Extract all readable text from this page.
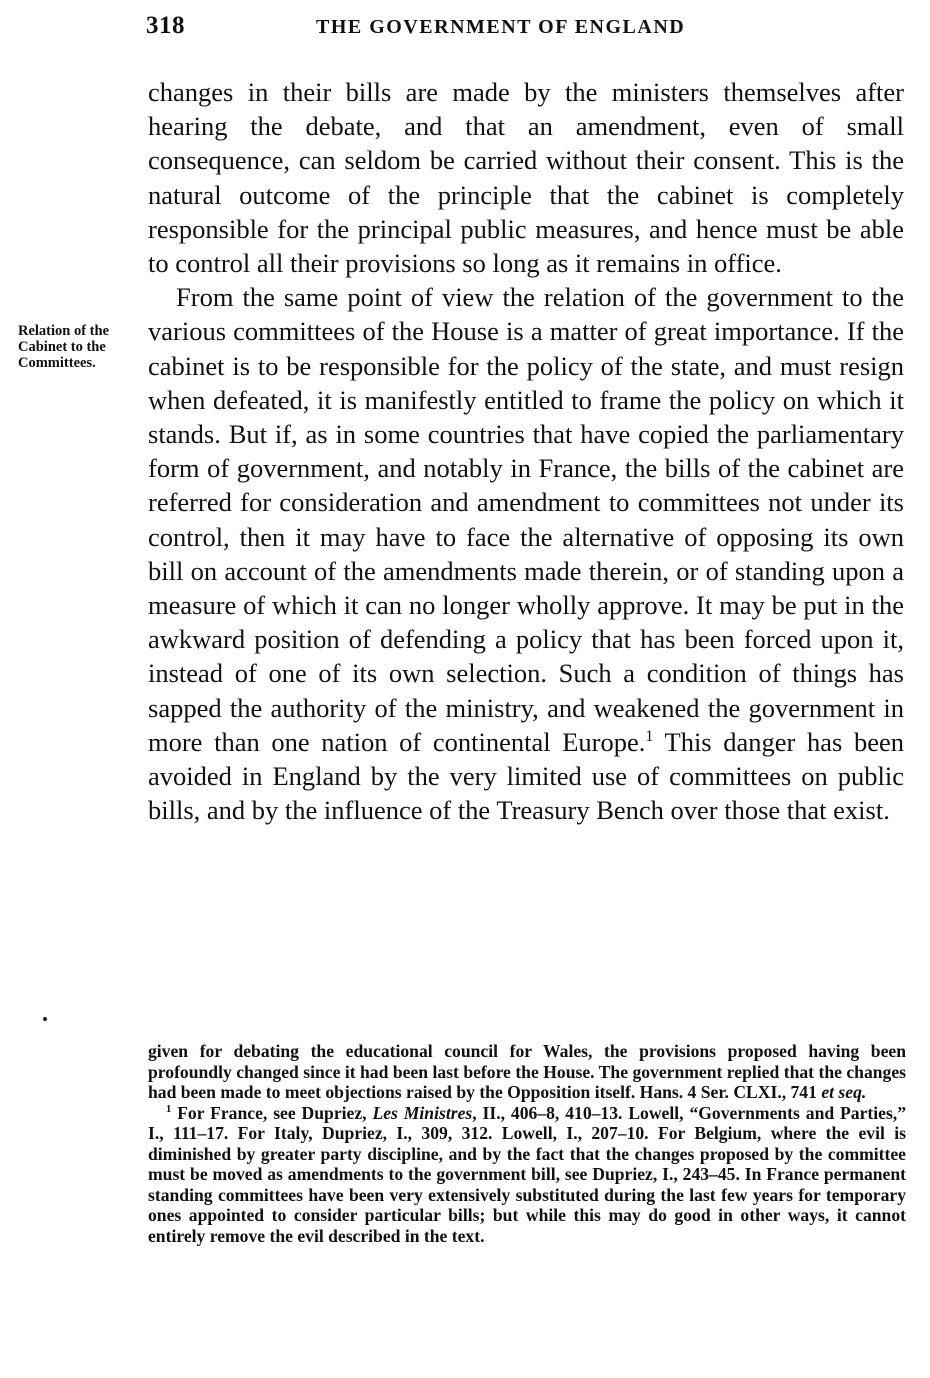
318	THE GOVERNMENT OF ENGLAND
Relation of the Cabinet to the Committees.

changes in their bills are made by the ministers themselves after hearing the debate, and that an amendment, even of small consequence, can seldom be carried without their consent. This is the natural outcome of the principle that the cabinet is completely responsible for the principal public measures, and hence must be able to control all their provisions so long as it remains in office.

From the same point of view the relation of the government to the various committees of the House is a matter of great importance. If the cabinet is to be responsible for the policy of the state, and must resign when defeated, it is manifestly entitled to frame the policy on which it stands. But if, as in some countries that have copied the parliamentary form of government, and notably in France, the bills of the cabinet are referred for consideration and amendment to committees not under its control, then it may have to face the alternative of opposing its own bill on account of the amendments made therein, or of standing upon a measure of which it can no longer wholly approve. It may be put in the awkward position of defending a policy that has been forced upon it, instead of one of its own selection. Such a condition of things has sapped the authority of the ministry, and weakened the government in more than one nation of continental Europe.$^1$ This danger has been avoided in England by the very limited use of committees on public bills, and by the influence of the Treasury Bench over those that exist.

given for debating the educational council for Wales, the provisions proposed having been profoundly changed since it had been last before the House. The government replied that the changes had been made to meet objections raised by the Opposition itself. Hans. 4 Ser. CLXI., 741 et seq.

$^1$ For France, see Dupriez, Les Ministres, II., 406–8, 410–13. Lowell, “Governments and Parties,” I., 111–17. For Italy, Dupriez, I., 309, 312. Lowell, I., 207–10. For Belgium, where the evil is diminished by greater party discipline, and by the fact that the changes proposed by the committee must be moved as amendments to the government bill, see Dupriez, I., 243–45. In France permanent standing committees have been very extensively substituted during the last few years for temporary ones appointed to consider particular bills; but while this may do good in other ways, it cannot entirely remove the evil described in the text.
